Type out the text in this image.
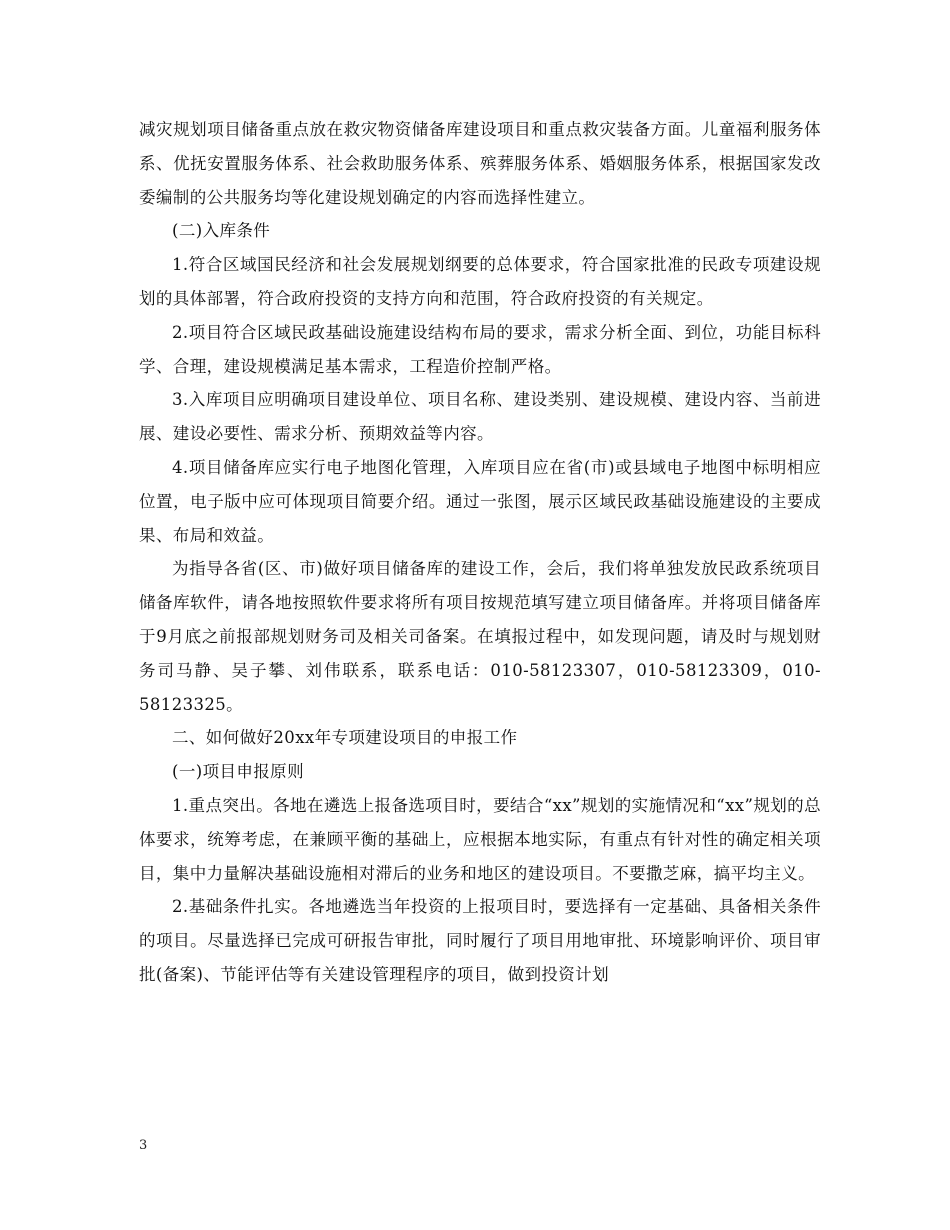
减灾规划项目储备重点放在救灾物资储备库建设项目和重点救灾装备方面。儿童福利服务体系、优抚安置服务体系、社会救助服务体系、殡葬服务体系、婚姻服务体系，根据国家发改委编制的公共服务均等化建设规划确定的内容而选择性建立。

(二)入库条件

1.符合区域国民经济和社会发展规划纲要的总体要求，符合国家批准的民政专项建设规划的具体部署，符合政府投资的支持方向和范围，符合政府投资的有关规定。

2.项目符合区域民政基础设施建设结构布局的要求，需求分析全面、到位，功能目标科学、合理，建设规模满足基本需求，工程造价控制严格。

3.入库项目应明确项目建设单位、项目名称、建设类别、建设规模、建设内容、当前进展、建设必要性、需求分析、预期效益等内容。

4.项目储备库应实行电子地图化管理，入库项目应在省(市)或县域电子地图中标明相应位置，电子版中应可体现项目简要介绍。通过一张图，展示区域民政基础设施建设的主要成果、布局和效益。

为指导各省(区、市)做好项目储备库的建设工作，会后，我们将单独发放民政系统项目储备库软件，请各地按照软件要求将所有项目按规范填写建立项目储备库。并将项目储备库于9月底之前报部规划财务司及相关司备案。在填报过程中，如发现问题，请及时与规划财务司马静、吴子攀、刘伟联系，联系电话：010-58123307，010-58123309，010-58123325。

二、如何做好20xx年专项建设项目的申报工作

(一)项目申报原则

1.重点突出。各地在遴选上报备选项目时，要结合“xx”规划的实施情况和“xx”规划的总体要求，统筹考虑，在兼顾平衡的基础上，应根据本地实际，有重点有针对性的确定相关项目，集中力量解决基础设施相对滞后的业务和地区的建设项目。不要撒芝麻，搞平均主义。

2.基础条件扎实。各地遴选当年投资的上报项目时，要选择有一定基础、具备相关条件的项目。尽量选择已完成可研报告审批，同时履行了项目用地审批、环境影响评价、项目审批(备案)、节能评估等有关建设管理程序的项目，做到投资计划

3
